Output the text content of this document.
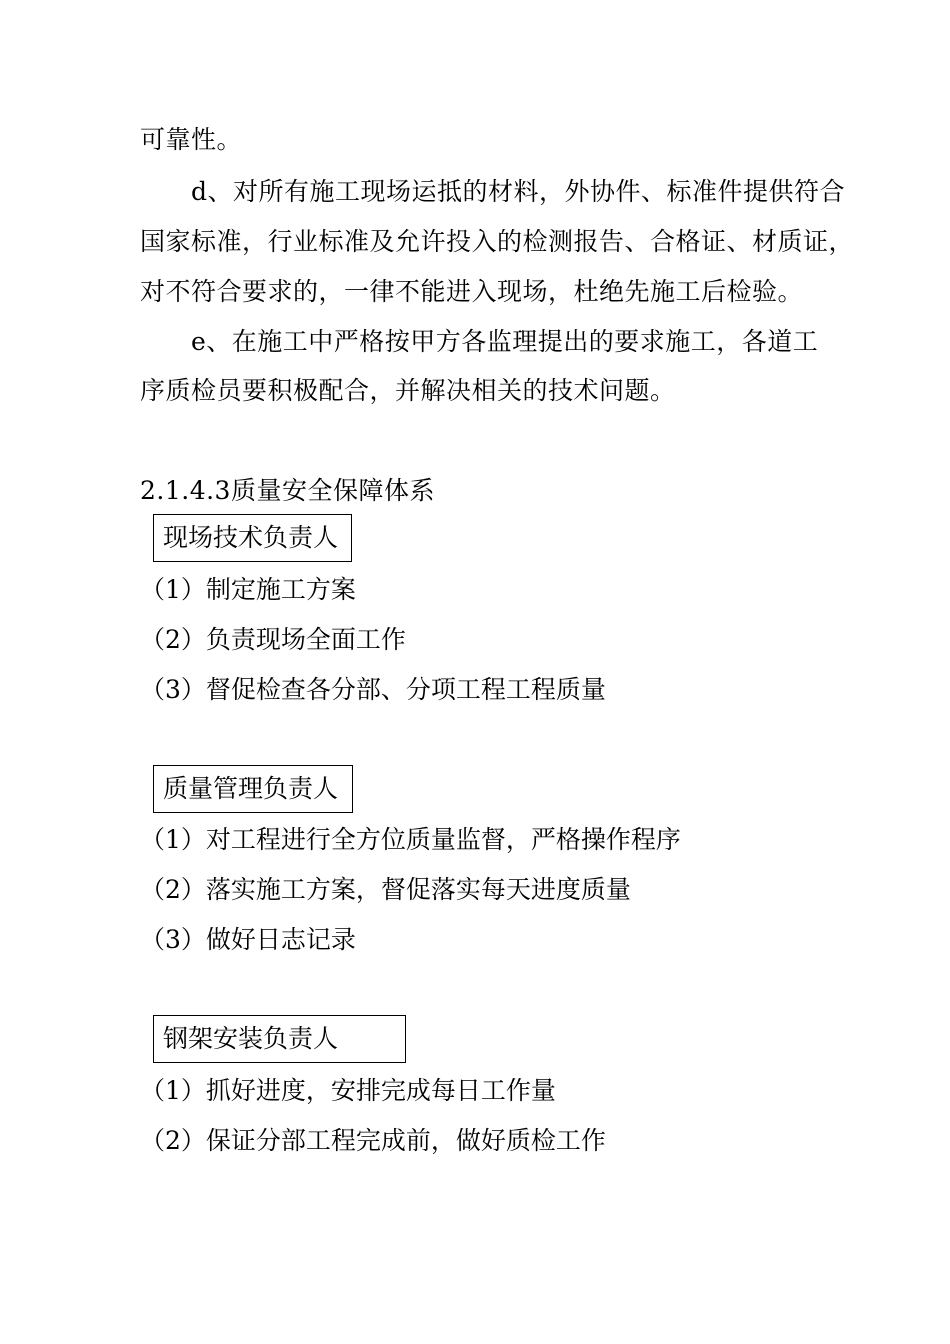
可靠性。
d、对所有施工现场运抵的材料，外协件、标准件提供符合
国家标准，行业标准及允许投入的检测报告、合格证、材质证，
对不符合要求的，一律不能进入现场，杜绝先施工后检验。
e、在施工中严格按甲方各监理提出的要求施工，各道工
序质检员要积极配合，并解决相关的技术问题。
2.1.4.3质量安全保障体系
现场技术负责人
（1）制定施工方案
（2）负责现场全面工作
（3）督促检查各分部、分项工程工程质量
质量管理负责人
（1）对工程进行全方位质量监督，严格操作程序
（2）落实施工方案，督促落实每天进度质量
（3）做好日志记录
钢架安装负责人
（1）抓好进度，安排完成每日工作量
（2）保证分部工程完成前，做好质检工作
